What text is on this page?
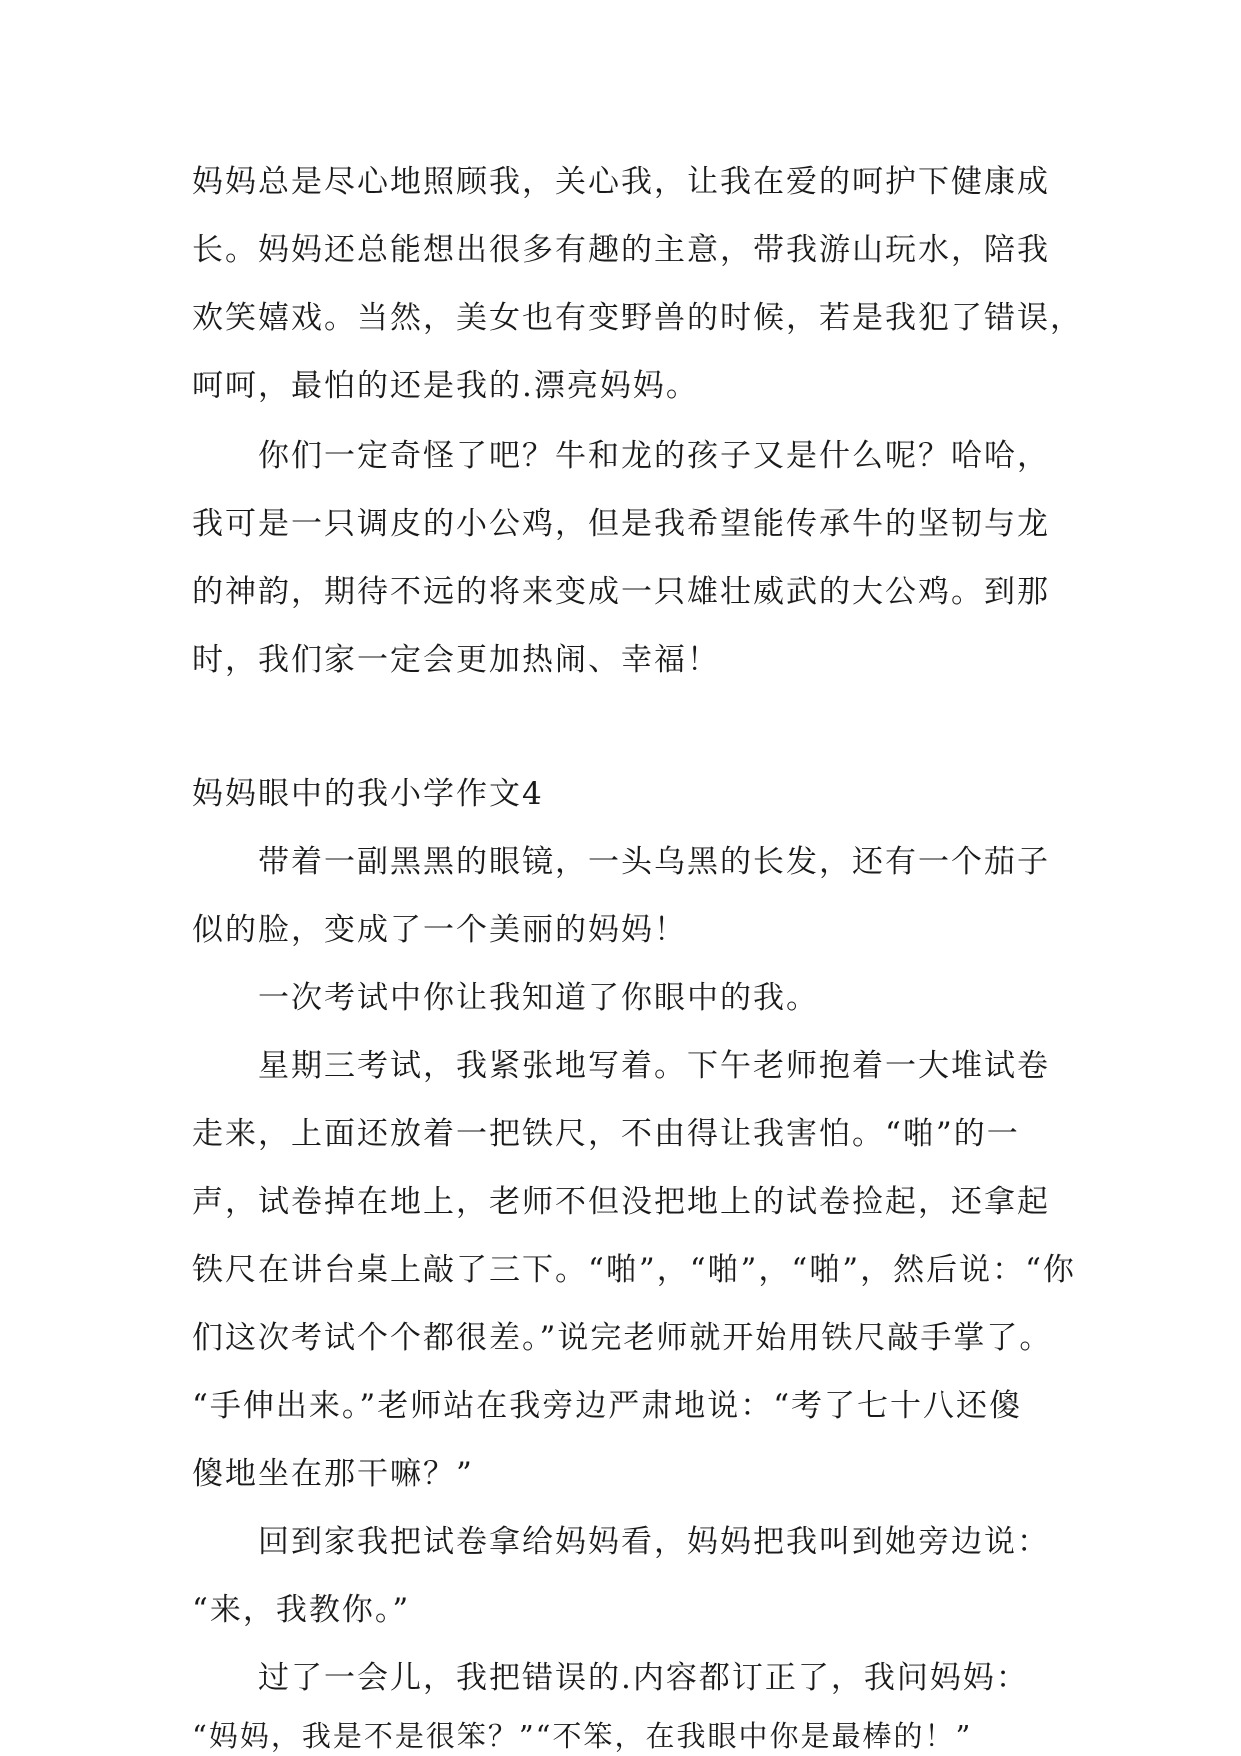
妈妈总是尽心地照顾我，关心我，让我在爱的呵护下健康成
长。妈妈还总能想出很多有趣的主意，带我游山玩水，陪我
欢笑嬉戏。当然，美女也有变野兽的时候，若是我犯了错误，
呵呵，最怕的还是我的.漂亮妈妈。
你们一定奇怪了吧？牛和龙的孩子又是什么呢？哈哈，
我可是一只调皮的小公鸡，但是我希望能传承牛的坚韧与龙
的神韵，期待不远的将来变成一只雄壮威武的大公鸡。到那
时，我们家一定会更加热闹、幸福！
妈妈眼中的我小学作文4
带着一副黑黑的眼镜，一头乌黑的长发，还有一个茄子
似的脸，变成了一个美丽的妈妈！
一次考试中你让我知道了你眼中的我。
星期三考试，我紧张地写着。下午老师抱着一大堆试卷
走来，上面还放着一把铁尺，不由得让我害怕。“啪”的一
声，试卷掉在地上，老师不但没把地上的试卷捡起，还拿起
铁尺在讲台桌上敲了三下。“啪”，“啪”，“啪”，然后说：“你
们这次考试个个都很差。”说完老师就开始用铁尺敲手掌了。
“手伸出来。”老师站在我旁边严肃地说：“考了七十八还傻
傻地坐在那干嘛？”
回到家我把试卷拿给妈妈看，妈妈把我叫到她旁边说：
“来，我教你。”
过了一会儿，我把错误的.内容都订正了，我问妈妈：
“妈妈，我是不是很笨？”“不笨，在我眼中你是最棒的！”
